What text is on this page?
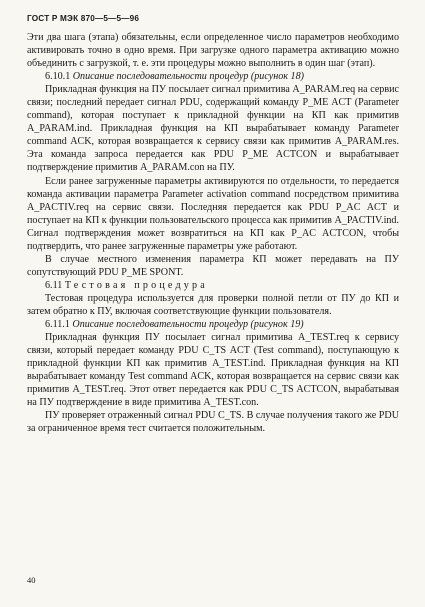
ГОСТ Р МЭК 870—5—5—96

Эти два шага (этапа) обязательны, если определенное число параметров необходимо активировать точно в одно время. При загрузке одного параметра активацию можно объединить с загрузкой, т. е. эти процедуры можно выполнить в один шаг (этап).

6.10.1 Описание последовательности процедур (рисунок 18)

Прикладная функция на ПУ посылает сигнал примитива A_PARAM.req на сервис связи; последний передает сигнал PDU, содержащий команду P_ME ACT (Parameter command), которая поступает к прикладной функции на КП как примитив A_PARAM.ind. Прикладная функция на КП вырабатывает команду Parameter command ACK, которая возвращается к сервису связи как примитив A_PARAM.res. Эта команда запроса передается как PDU P_ME ACTCON и вырабатывает подтверждение примитив A_PARAM.con на ПУ.

Если ранее загруженные параметры активируются по отдельности, то передается команда активации параметра Parameter activation command посредством примитива A_PACTIV.req на сервис связи. Последняя передается как PDU P_AC ACT и поступает на КП к функции пользовательского процесса как примитив A_PACTIV.ind. Сигнал подтверждения может возвратиться на КП как P_AC ACTCON, чтобы подтвердить, что ранее загруженные параметры уже работают.

В случае местного изменения параметра КП может передавать на ПУ сопутствующий PDU P_ME SPONT.

6.11 Тестовая процедура

Тестовая процедура используется для проверки полной петли от ПУ до КП и затем обратно к ПУ, включая соответствующие функции пользователя.

6.11.1 Описание последовательности процедур (рисунок 19)

Прикладная функция ПУ посылает сигнал примитива A_TEST.req к сервису связи, который передает команду PDU C_TS ACT (Test command), поступающую к прикладной функции КП как примитив A_TEST.ind. Прикладная функция на КП вырабатывает команду Test command ACK, которая возвращается на сервис связи как примитив A_TEST.req. Этот ответ передается как PDU C_TS ACTCON, вырабатывая на ПУ подтверждение в виде примитива A_TEST.con.

ПУ проверяет отраженный сигнал PDU C_TS. В случае получения такого же PDU за ограниченное время тест считается положительным.

40
